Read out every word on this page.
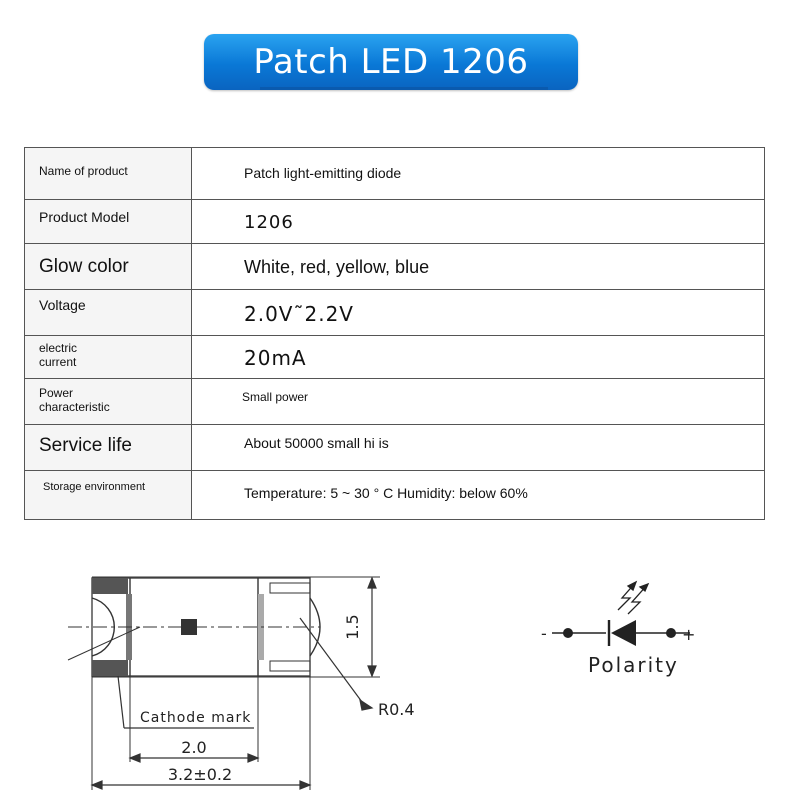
Patch LED 1206
Name of product	Patch light-emitting diode
Product Model	1206
Glow color	White, red, yellow, blue
Voltage	2.0V˜2.2V
electric current	20mA
Power characteristic	Small power
Service life	About 50000 small hi is
Storage environment	Temperature: 5 ~ 30 ° C Humidity: below 60%
1.5
R0.4
Cathode mark
2.0
3.2±0.2
-	+
Polarity
